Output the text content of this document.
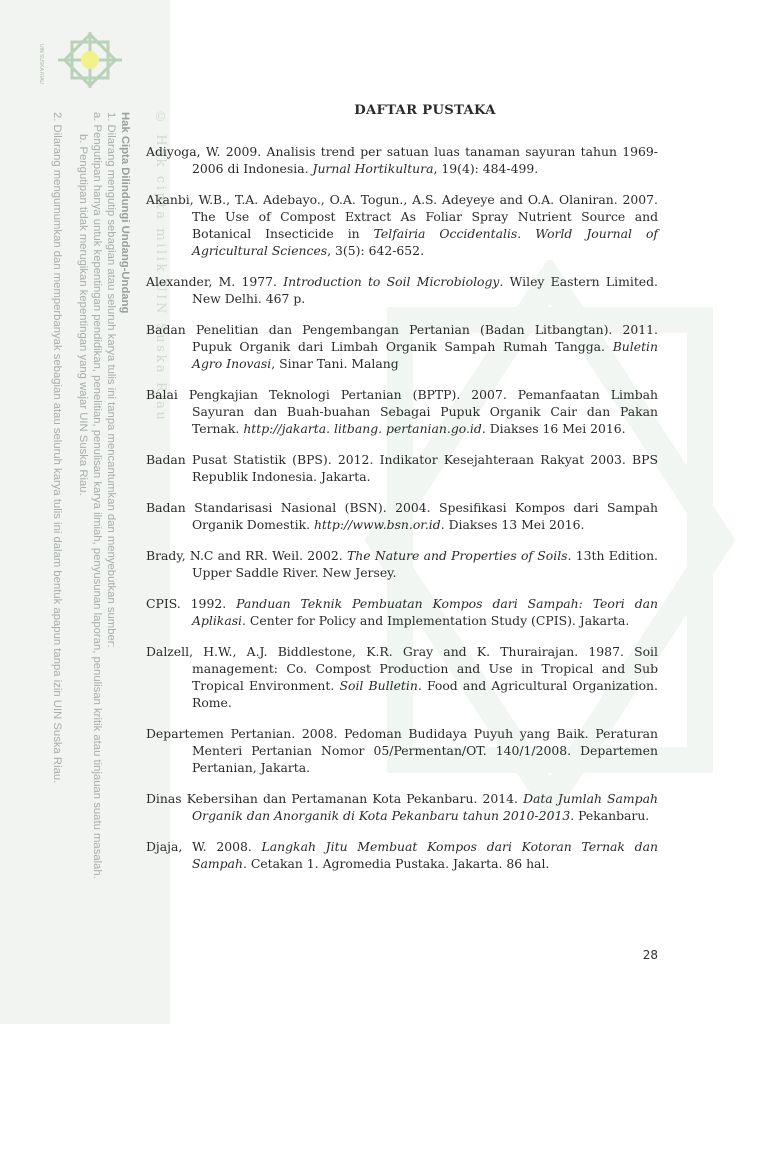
UIN SUSKA RIAU
© Hak cipta milik UIN Suska Riau
Hak Cipta Dilindungi Undang-Undang
1. Dilarang mengutip sebagian atau seluruh karya tulis ini tanpa mencantumkan dan menyebutkan sumber:
a. Pengutipan hanya untuk kepentingan pendidikan, penelitian, penulisan karya ilmiah, penyusunan laporan, penulisan kritik atau tinjauan suatu masalah.
b. Pengutipan tidak merugikan kepentingan yang wajar UIN Suska Riau.
2. Dilarang mengumumkan dan memperbanyak sebagian atau seluruh karya tulis ini dalam bentuk apapun tanpa izin UIN Suska Riau.
DAFTAR PUSTAKA
Adiyoga, W. 2009. Analisis trend per satuan luas tanaman sayuran tahun 1969-2006 di Indonesia. Jurnal Hortikultura, 19(4): 484-499.
Akanbi, W.B., T.A. Adebayo., O.A. Togun., A.S. Adeyeye and O.A. Olaniran. 2007. The Use of Compost Extract As Foliar Spray Nutrient Source and Botanical Insecticide in Telfairia Occidentalis. World Journal of Agricultural Sciences, 3(5): 642-652.
Alexander, M. 1977. Introduction to Soil Microbiology. Wiley Eastern Limited. New Delhi. 467 p.
Badan Penelitian dan Pengembangan Pertanian (Badan Litbangtan). 2011. Pupuk Organik dari Limbah Organik Sampah Rumah Tangga. Buletin Agro Inovasi, Sinar Tani. Malang
Balai Pengkajian Teknologi Pertanian (BPTP). 2007. Pemanfaatan Limbah Sayuran dan Buah-buahan Sebagai Pupuk Organik Cair dan Pakan Ternak. http://jakarta. litbang. pertanian.go.id. Diakses 16 Mei 2016.
Badan Pusat Statistik (BPS). 2012. Indikator Kesejahteraan Rakyat 2003. BPS Republik Indonesia. Jakarta.
Badan Standarisasi Nasional (BSN). 2004. Spesifikasi Kompos dari Sampah Organik Domestik. http://www.bsn.or.id. Diakses 13 Mei 2016.
Brady, N.C and RR. Weil. 2002. The Nature and Properties of Soils. 13th Edition. Upper Saddle River. New Jersey.
CPIS. 1992. Panduan Teknik Pembuatan Kompos dari Sampah: Teori dan Aplikasi. Center for Policy and Implementation Study (CPIS). Jakarta.
Dalzell, H.W., A.J. Biddlestone, K.R. Gray and K. Thurairajan. 1987. Soil management: Co. Compost Production and Use in Tropical and Sub Tropical Environment. Soil Bulletin. Food and Agricultural Organization. Rome.
Departemen Pertanian. 2008. Pedoman Budidaya Puyuh yang Baik. Peraturan Menteri Pertanian Nomor 05/Permentan/OT. 140/1/2008. Departemen Pertanian, Jakarta.
Dinas Kebersihan dan Pertamanan Kota Pekanbaru. 2014. Data Jumlah Sampah Organik dan Anorganik di Kota Pekanbaru tahun 2010-2013. Pekanbaru.
Djaja, W. 2008. Langkah Jitu Membuat Kompos dari Kotoran Ternak dan Sampah. Cetakan 1. Agromedia Pustaka. Jakarta. 86 hal.
28
